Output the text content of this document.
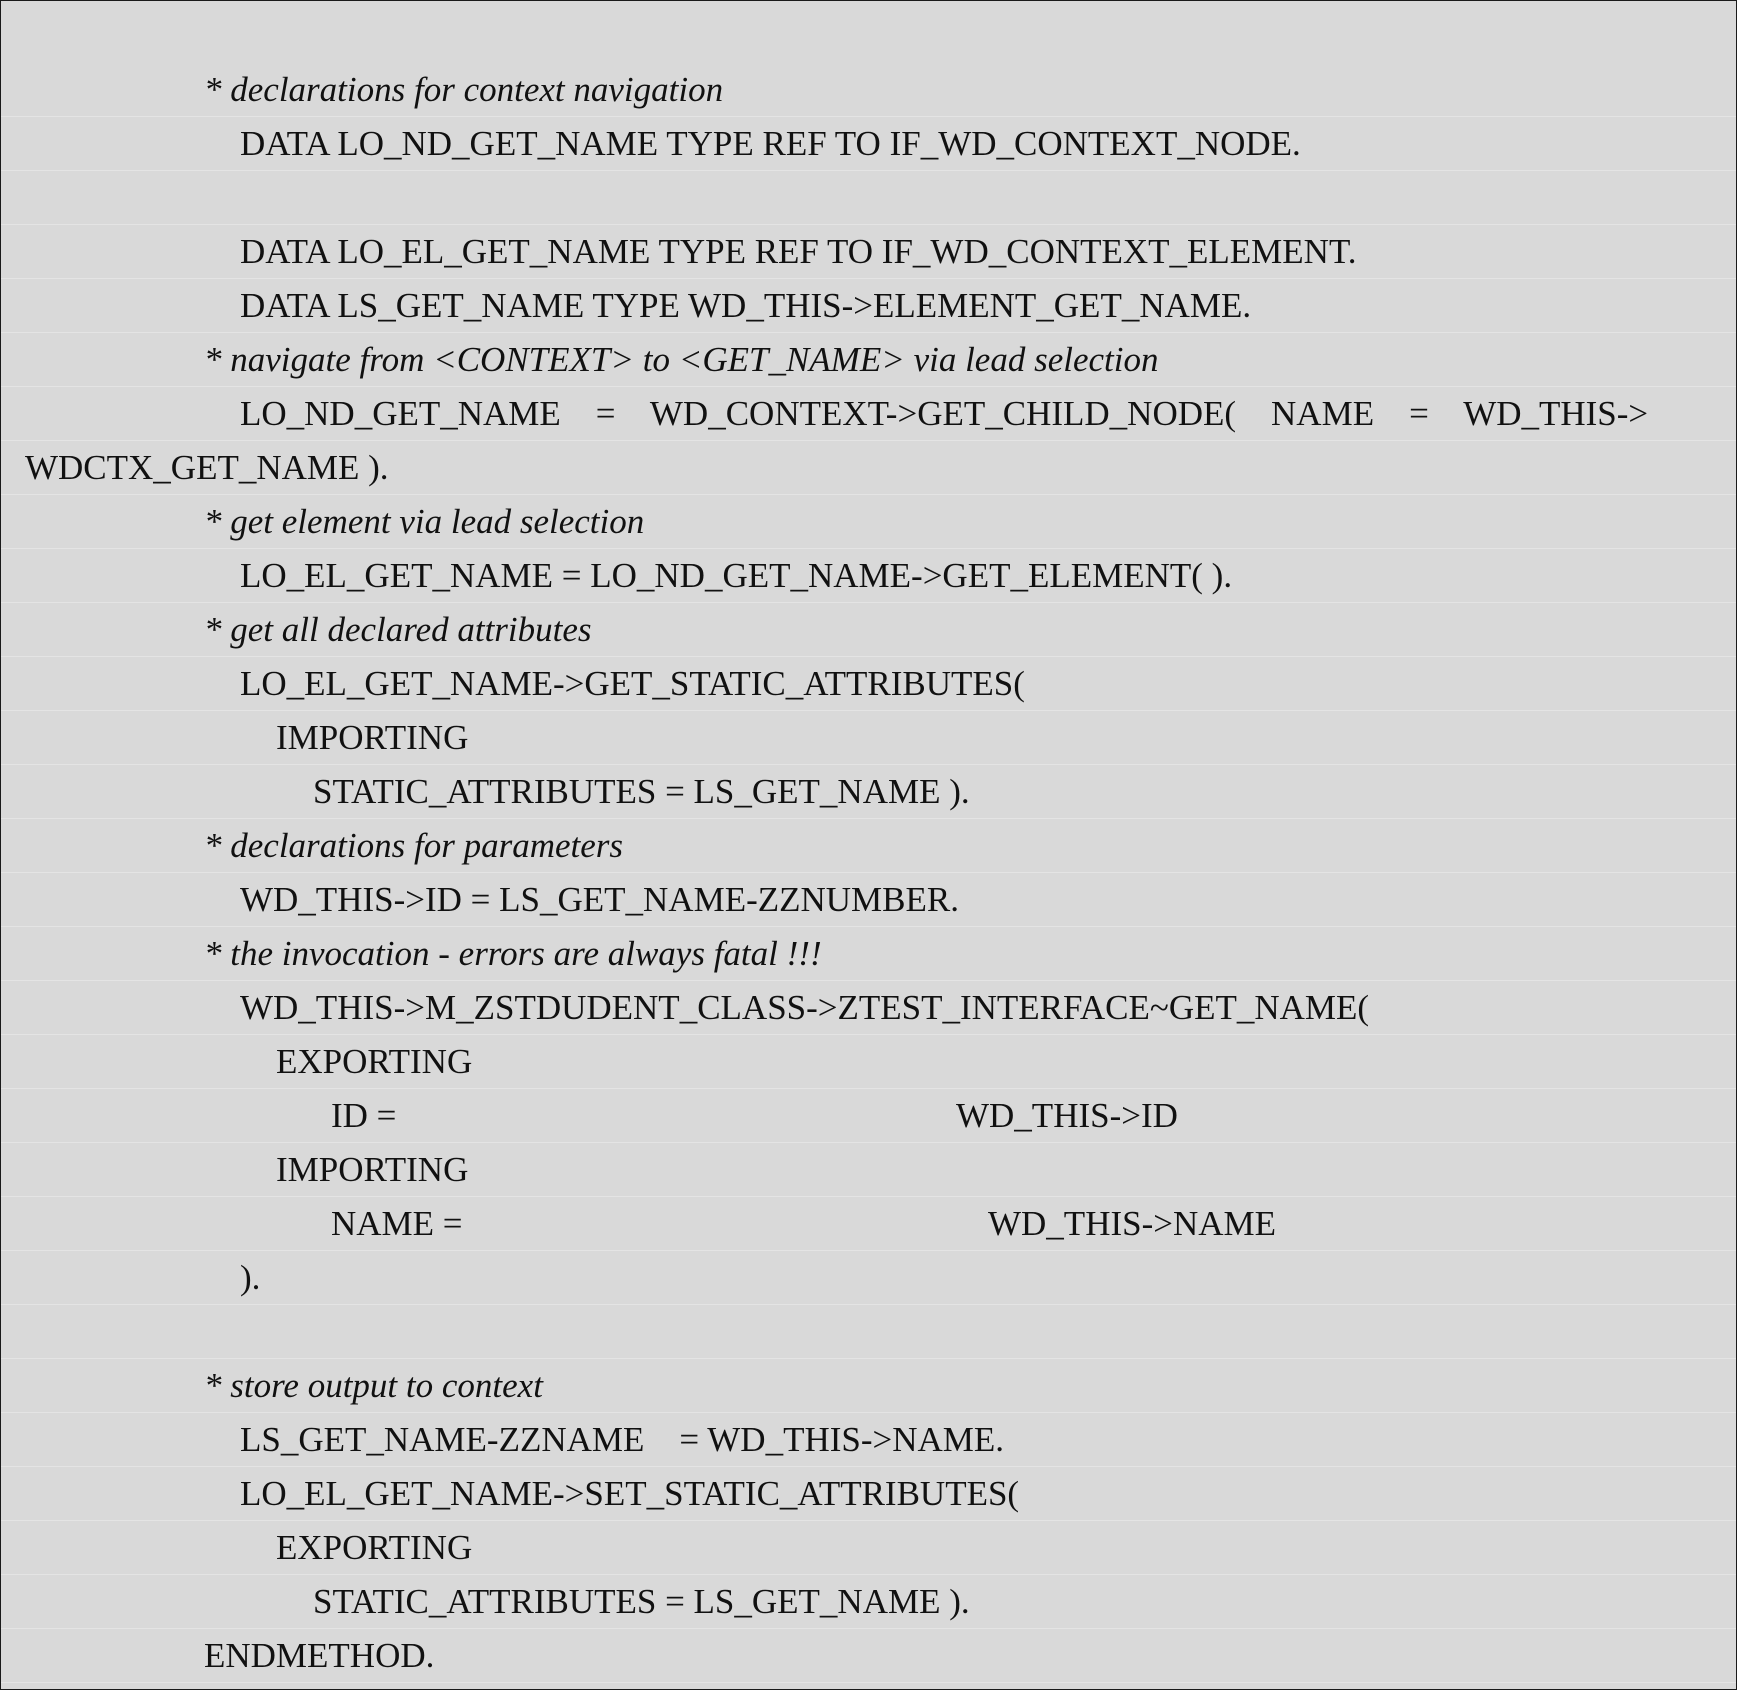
* declarations for context navigation
DATA LO_ND_GET_NAME TYPE REF TO IF_WD_CONTEXT_NODE.
DATA LO_EL_GET_NAME TYPE REF TO IF_WD_CONTEXT_ELEMENT.
DATA LS_GET_NAME TYPE WD_THIS->ELEMENT_GET_NAME.
* navigate from <CONTEXT> to <GET_NAME> via lead selection
LO_ND_GET_NAME    =    WD_CONTEXT->GET_CHILD_NODE(    NAME    =    WD_THIS->
WDCTX_GET_NAME ).
* get element via lead selection
LO_EL_GET_NAME = LO_ND_GET_NAME->GET_ELEMENT( ).
* get all declared attributes
LO_EL_GET_NAME->GET_STATIC_ATTRIBUTES(
IMPORTING
STATIC_ATTRIBUTES = LS_GET_NAME ).
* declarations for parameters
WD_THIS->ID = LS_GET_NAME-ZZNUMBER.
* the invocation - errors are always fatal !!!
WD_THIS->M_ZSTDUDENT_CLASS->ZTEST_INTERFACE~GET_NAME(
EXPORTING
ID =	WD_THIS->ID
IMPORTING
NAME =	WD_THIS->NAME
).
* store output to context
LS_GET_NAME-ZZNAME    = WD_THIS->NAME.
LO_EL_GET_NAME->SET_STATIC_ATTRIBUTES(
EXPORTING
STATIC_ATTRIBUTES = LS_GET_NAME ).
ENDMETHOD.
